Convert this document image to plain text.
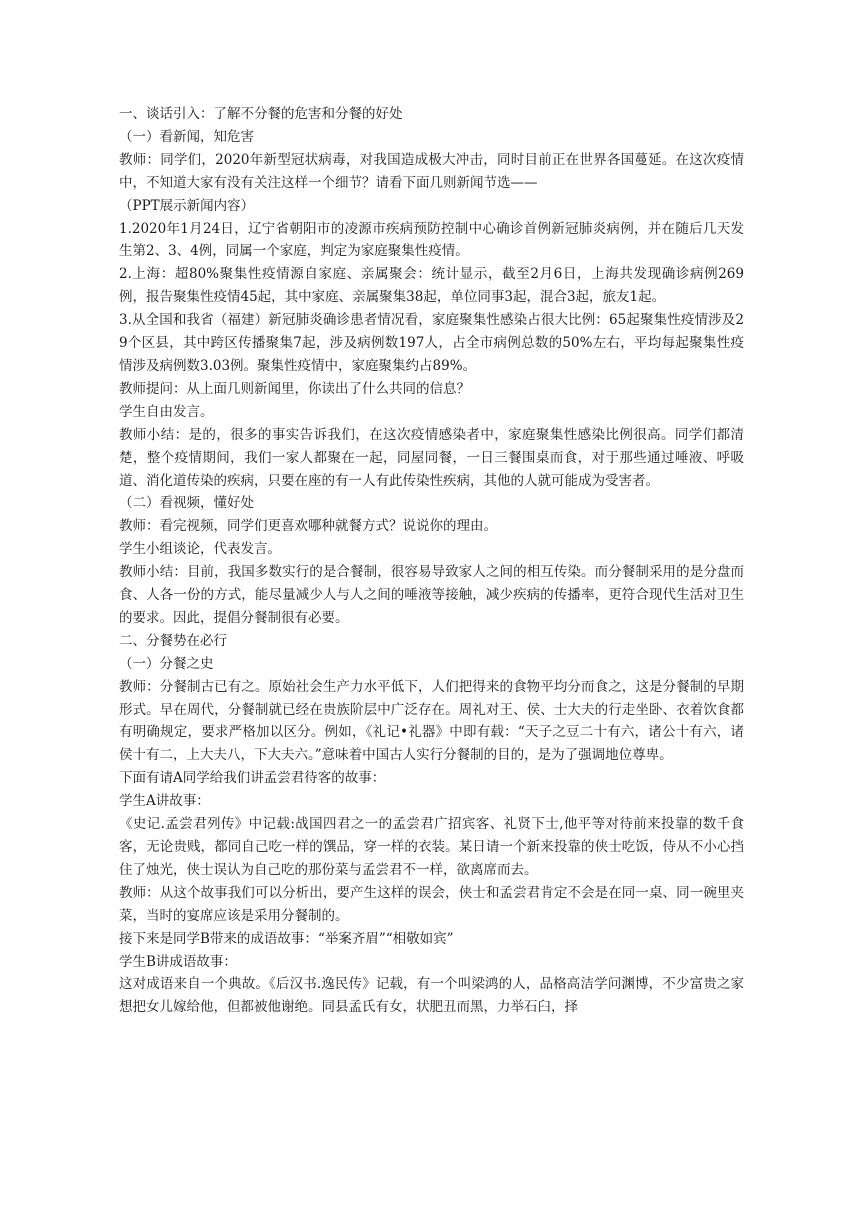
一、谈话引入：了解不分餐的危害和分餐的好处

（一）看新闻，知危害

教师：同学们，2020年新型冠状病毒，对我国造成极大冲击，同时目前正在世界各国蔓延。在这次疫情中，不知道大家有没有关注这样一个细节？请看下面几则新闻节选——

（PPT展示新闻内容）

1.2020年1月24日，辽宁省朝阳市的凌源市疾病预防控制中心确诊首例新冠肺炎病例，并在随后几天发生第2、3、4例，同属一个家庭，判定为家庭聚集性疫情。

2.上海：超80%聚集性疫情源自家庭、亲属聚会：统计显示，截至2月6日，上海共发现确诊病例269例，报告聚集性疫情45起，其中家庭、亲属聚集38起，单位同事3起，混合3起，旅友1起。

3.从全国和我省（福建）新冠肺炎确诊患者情况看，家庭聚集性感染占很大比例：65起聚集性疫情涉及29个区县，其中跨区传播聚集7起，涉及病例数197人，占全市病例总数的50%左右，平均每起聚集性疫情涉及病例数3.03例。聚集性疫情中，家庭聚集约占89%。

教师提问：从上面几则新闻里，你读出了什么共同的信息？

学生自由发言。

教师小结：是的，很多的事实告诉我们，在这次疫情感染者中，家庭聚集性感染比例很高。同学们都清楚，整个疫情期间，我们一家人都聚在一起，同屋同餐，一日三餐围桌而食，对于那些通过唾液、呼吸道、消化道传染的疾病，只要在座的有一人有此传染性疾病，其他的人就可能成为受害者。

（二）看视频，懂好处

教师：看完视频，同学们更喜欢哪种就餐方式？说说你的理由。

学生小组谈论，代表发言。

教师小结：目前，我国多数实行的是合餐制，很容易导致家人之间的相互传染。而分餐制采用的是分盘而食、人各一份的方式，能尽量减少人与人之间的唾液等接触，减少疾病的传播率，更符合现代生活对卫生的要求。因此，提倡分餐制很有必要。

二、分餐势在必行

（一）分餐之史

教师：分餐制古已有之。原始社会生产力水平低下，人们把得来的食物平均分而食之，这是分餐制的早期形式。早在周代，分餐制就已经在贵族阶层中广泛存在。周礼对王、侯、士大夫的行走坐卧、衣着饮食都有明确规定，要求严格加以区分。例如，《礼记•礼器》中即有载：“天子之豆二十有六，诸公十有六，诸侯十有二，上大夫八，下大夫六。”意味着中国古人实行分餐制的目的，是为了强调地位尊卑。

下面有请A同学给我们讲孟尝君待客的故事：

学生A讲故事：

《史记.孟尝君列传》中记载:战国四君之一的孟尝君广招宾客、礼贤下士,他平等对待前来投靠的数千食客，无论贵贱，都同自己吃一样的馔品，穿一样的衣装。某日请一个新来投靠的侠士吃饭，侍从不小心挡住了烛光，侠士误认为自己吃的那份菜与孟尝君不一样，欲离席而去。

教师：从这个故事我们可以分析出，要产生这样的误会，侠士和孟尝君肯定不会是在同一桌、同一碗里夹菜，当时的宴席应该是采用分餐制的。

接下来是同学B带来的成语故事：“举案齐眉”“相敬如宾”

学生B讲成语故事：

这对成语来自一个典故。《后汉书.逸民传》记载，有一个叫梁鸿的人，品格高洁学问渊博，不少富贵之家想把女儿嫁给他，但都被他谢绝。同县孟氏有女，状肥丑而黑，力举石臼，择
